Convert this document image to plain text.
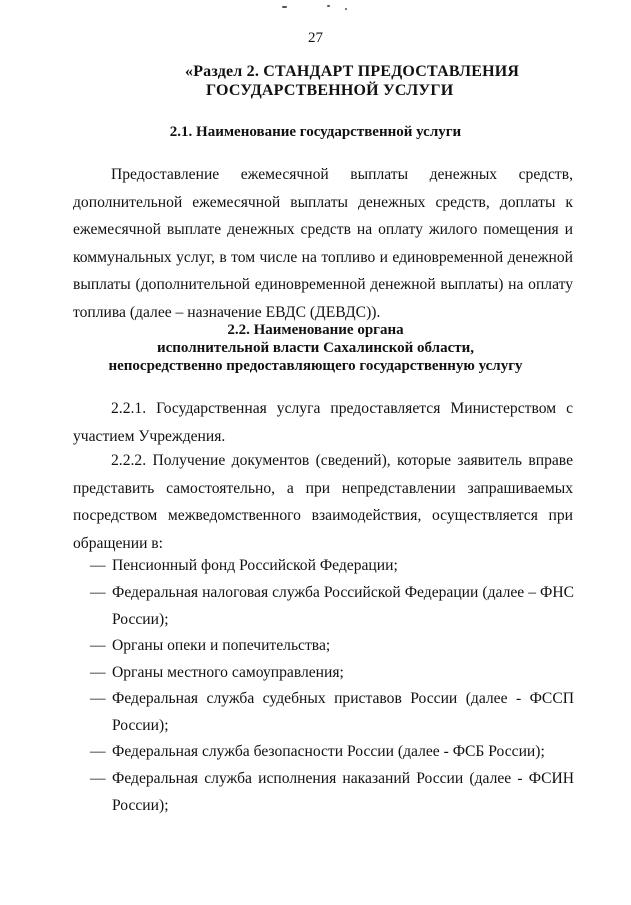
27
«Раздел 2. СТАНДАРТ ПРЕДОСТАВЛЕНИЯ
ГОСУДАРСТВЕННОЙ УСЛУГИ
2.1. Наименование государственной услуги
Предоставление ежемесячной выплаты денежных средств,
дополнительной ежемесячной выплаты денежных средств, доплаты к
ежемесячной выплате денежных средств на оплату жилого помещения и
коммунальных услуг, в том числе на топливо и единовременной денежной
выплаты (дополнительной единовременной денежной выплаты) на оплату
топлива (далее – назначение ЕВДС (ДЕВДС)).
2.2. Наименование органа
исполнительной власти Сахалинской области,
непосредственно предоставляющего государственную услугу
2.2.1. Государственная услуга предоставляется Министерством с
участием Учреждения.
2.2.2. Получение документов (сведений), которые заявитель вправе
представить самостоятельно, а при непредставлении запрашиваемых
посредством межведомственного взаимодействия, осуществляется при
обращении в:
— Пенсионный фонд Российской Федерации;
— Федеральная налоговая служба Российской Федерации (далее – ФНС
России);
— Органы опеки и попечительства;
— Органы местного самоуправления;
— Федеральная служба судебных приставов России (далее - ФССП
России);
— Федеральная служба безопасности России (далее - ФСБ России);
— Федеральная служба исполнения наказаний России (далее - ФСИН
России);
